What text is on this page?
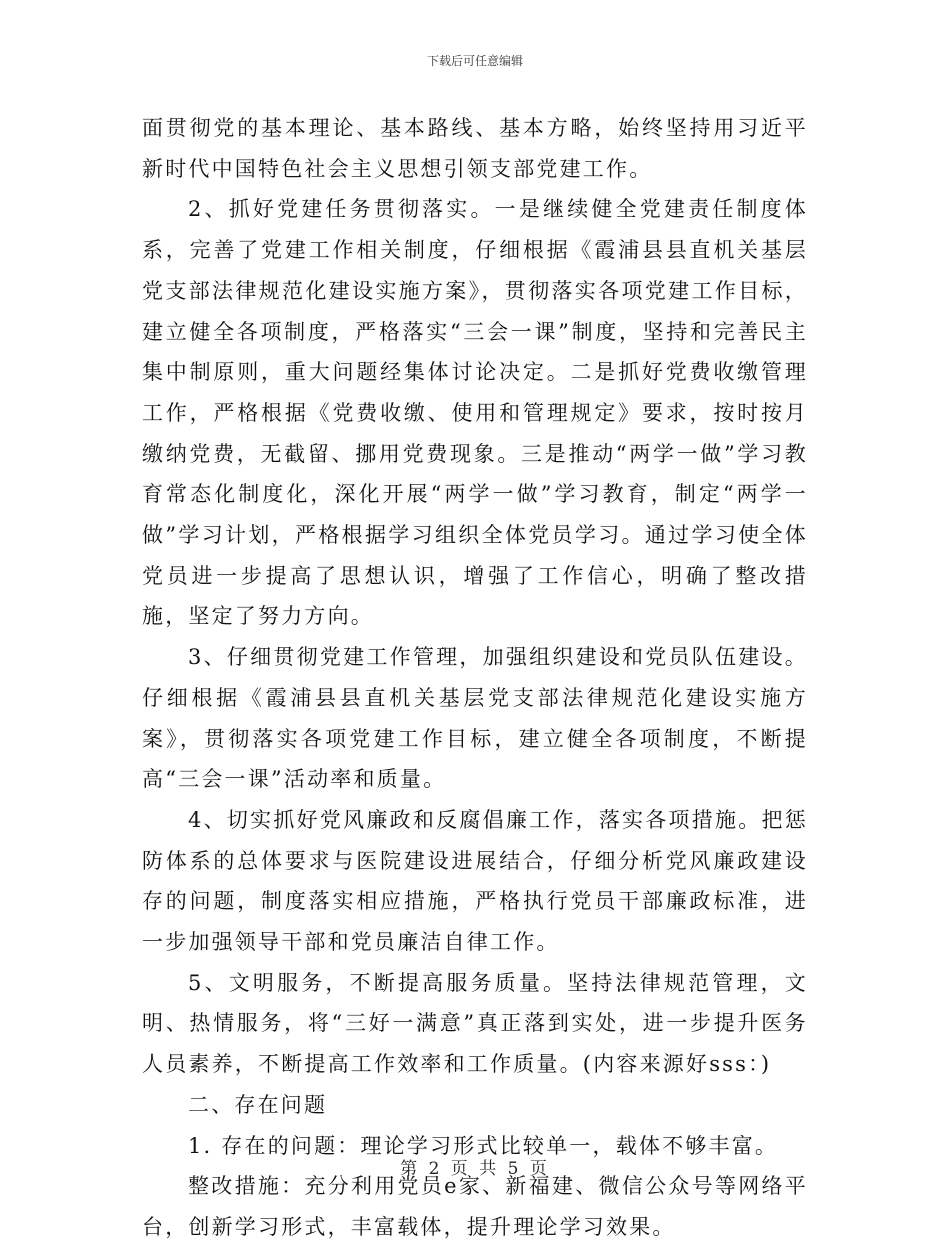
下载后可任意编辑

面贯彻党的基本理论、基本路线、基本方略，始终坚持用习近平新时代中国特色社会主义思想引领支部党建工作。

2、抓好党建任务贯彻落实。一是继续健全党建责任制度体系，完善了党建工作相关制度，仔细根据《霞浦县县直机关基层党支部法律规范化建设实施方案》，贯彻落实各项党建工作目标，建立健全各项制度，严格落实“三会一课”制度，坚持和完善民主集中制原则，重大问题经集体讨论决定。二是抓好党费收缴管理工作，严格根据《党费收缴、使用和管理规定》要求，按时按月缴纳党费，无截留、挪用党费现象。三是推动“两学一做”学习教育常态化制度化，深化开展“两学一做”学习教育，制定“两学一做”学习计划，严格根据学习组织全体党员学习。通过学习使全体党员进一步提高了思想认识，增强了工作信心，明确了整改措施，坚定了努力方向。

3、仔细贯彻党建工作管理，加强组织建设和党员队伍建设。仔细根据《霞浦县县直机关基层党支部法律规范化建设实施方案》，贯彻落实各项党建工作目标，建立健全各项制度，不断提高“三会一课”活动率和质量。

4、切实抓好党风廉政和反腐倡廉工作，落实各项措施。把惩防体系的总体要求与医院建设进展结合，仔细分析党风廉政建设存的问题，制度落实相应措施，严格执行党员干部廉政标准，进一步加强领导干部和党员廉洁自律工作。

5、文明服务，不断提高服务质量。坚持法律规范管理，文明、热情服务，将“三好一满意”真正落到实处，进一步提升医务人员素养，不断提高工作效率和工作质量。(内容来源好sss：)

二、存在问题

1. 存在的问题：理论学习形式比较单一，载体不够丰富。

整改措施：充分利用党员e家、新福建、微信公众号等网络平台，创新学习形式，丰富载体，提升理论学习效果。

第 2 页 共 5 页
